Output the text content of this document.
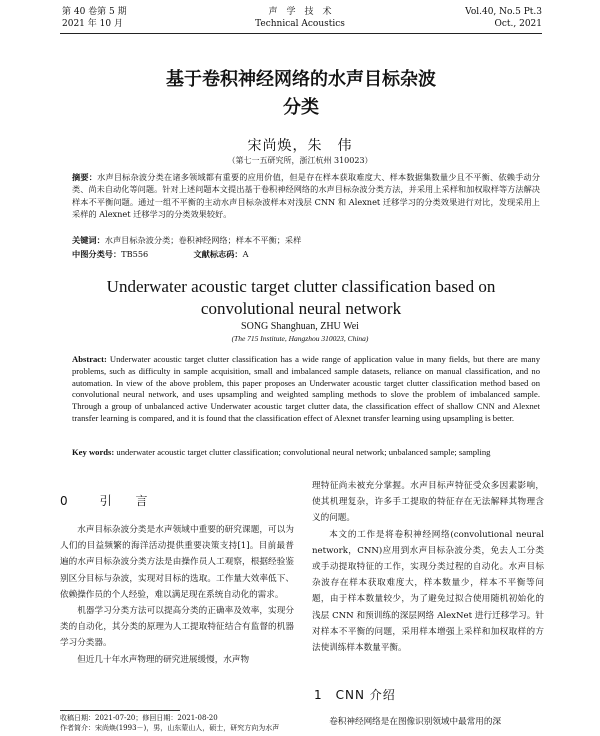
第 40 卷第 5 期
2021 年 10 月
声　学　技　术
Technical Acoustics
Vol.40, No.5 Pt.3
Oct., 2021
基于卷积神经网络的水声目标杂波
分类
宋尚焕，朱　伟
（第七一五研究所，浙江杭州 310023）
摘要：水声目标杂波分类在诸多领域都有重要的应用价值，但是存在样本获取难度大、样本数据集数量少且不平衡、依赖手动分类、尚未自动化等问题。针对上述问题本文提出基于卷积神经网络的水声目标杂波分类方法，并采用上采样和加权取样等方法解决样本不平衡问题。通过一组不平衡的主动水声目标杂波样本对浅层 CNN 和 Alexnet 迁移学习的分类效果进行对比，发现采用上采样的 Alexnet 迁移学习的分类效果较好。
关键词：水声目标杂波分类；卷积神经网络；样本不平衡；采样
中图分类号：TB556	文献标志码：A
Underwater acoustic target clutter classification based on
convolutional neural network
SONG Shanghuan, ZHU Wei
(The 715 Institute, Hangzhou 310023, China)
Abstract: Underwater acoustic target clutter classification has a wide range of application value in many fields, but there are many problems, such as difficulty in sample acquisition, small and imbalanced sample datasets, reliance on manual classification, and no automation. In view of the above problem, this paper proposes an Underwater acoustic target clutter classification method based on convolutional neural network, and uses upsampling and weighted sampling methods to slove the problem of imbalanced sample. Through a group of unbalanced active Underwater acoustic target clutter data, the classification effect of shallow CNN and Alexnet transfer learning is compared, and it is found that the classification effect of Alexnet transfer learning using upsampling is better.
Key words: underwater acoustic target clutter classification; convolutional neural network; unbalanced sample; sampling
0　引 言

水声目标杂波分类是水声领域中重要的研究课题，可以为人们的目益频繁的海洋活动提供重要决策支持[1]。目前最普遍的水声目标杂波分类方法是由操作员人工观察，根据经验鉴别区分目标与杂波，实现对目标的选取。工作量大效率低下、依赖操作员的个人经验，难以满足现在系统自动化的需求。

机器学习分类方法可以提高分类的正确率及效率，实现分类的自动化，其分类的原理为人工提取特征结合有监督的机器学习分类器。

但近几十年水声物理的研究进展缓慢，水声物

理特征尚未被充分掌握。水声目标声特征受众多因素影响，使其机理复杂，许多手工提取的特征存在无法解释其物理含义的问题。

本文的工作是将卷积神经网络(convolutional neural network，CNN)应用到水声目标杂波分类，免去人工分类或手动提取特征的工作，实现分类过程的自动化。水声目标杂波存在样本获取难度大，样本数量少，样本不平衡等问题，由于样本数量较少，为了避免过拟合使用随机初始化的浅层 CNN 和预训练的深层网络 AlexNet 进行迁移学习。针对样本不平衡的问题，采用样本增强上采样和加权取样的方法使训练样本数量平衡。

1　CNN 介绍

卷积神经网络是在图像识别领域中最常用的深

收稿日期：2021-07-20；修回日期：2021-08-20
作者简介：宋尚焕(1993－)，男，山东蒙山人，硕士，研究方向为水声
